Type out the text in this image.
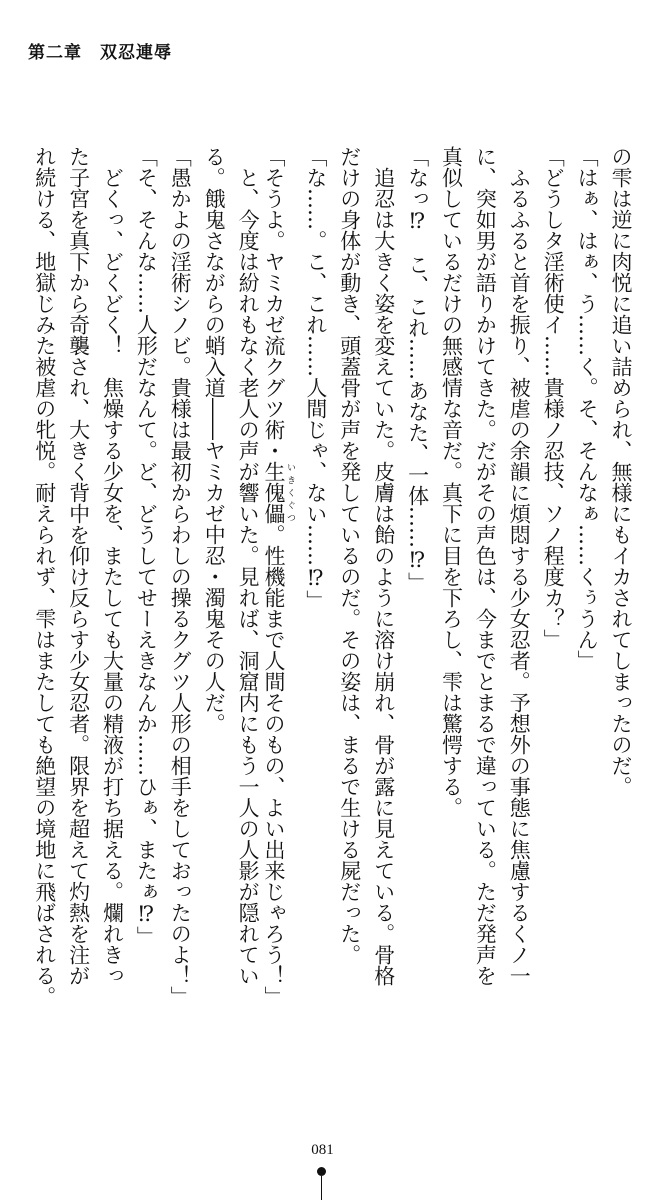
第二章　双忍連辱
の雫は逆に肉悦に追い詰められ、無様にもイカされてしまったのだ。
「はぁ、はぁ、う……く。そ、そんなぁ……くぅうん」
「どうしタ淫術使イ……貴様ノ忍技、ソノ程度カ？」
ふるふると首を振り、被虐の余韻に煩悶する少女忍者。予想外の事態に焦慮するくノ一
に、突如男が語りかけてきた。だがその声色は、今までとまるで違っている。ただ発声を
真似しているだけの無感情な音だ。真下に目を下ろし、雫は驚愕する。
「なっ⁉　こ、これ……あなた、一体……⁉」
追忍は大きく姿を変えていた。皮膚は飴のように溶け崩れ、骨が露に見えている。骨格
だけの身体が動き、頭蓋骨が声を発しているのだ。その姿は、まるで生ける屍だった。
「な……。こ、これ……人間じゃ、ない……⁉」
「そうよ。ヤミカゼ流クグツ術・生傀儡 いきくぐつ。性機能まで人間そのもの、よい出来じゃろう！」
と、今度は紛れもなく老人の声が響いた。見れば、洞窟内にもう一人の人影が隠れてい
る。餓鬼さながらの蛸入道――ヤミカゼ中忍・濁鬼その人だ。
「愚かよの淫術シノビ。貴様は最初からわしの操るクグツ人形の相手をしておったのよ！」
「そ、そんな……人形だなんて。ど、どうしてせーえきなんか……ひぁ、またぁ⁉」
どくっ、どくどく！　焦燥する少女を、またしても大量の精液が打ち据える。爛れきっ
た子宮を真下から奇襲され、大きく背中を仰け反らす少女忍者。限界を超えて灼熱を注が
れ続ける、地獄じみた被虐の牝悦。耐えられず、雫はまたしても絶望の境地に飛ばされる。
081
